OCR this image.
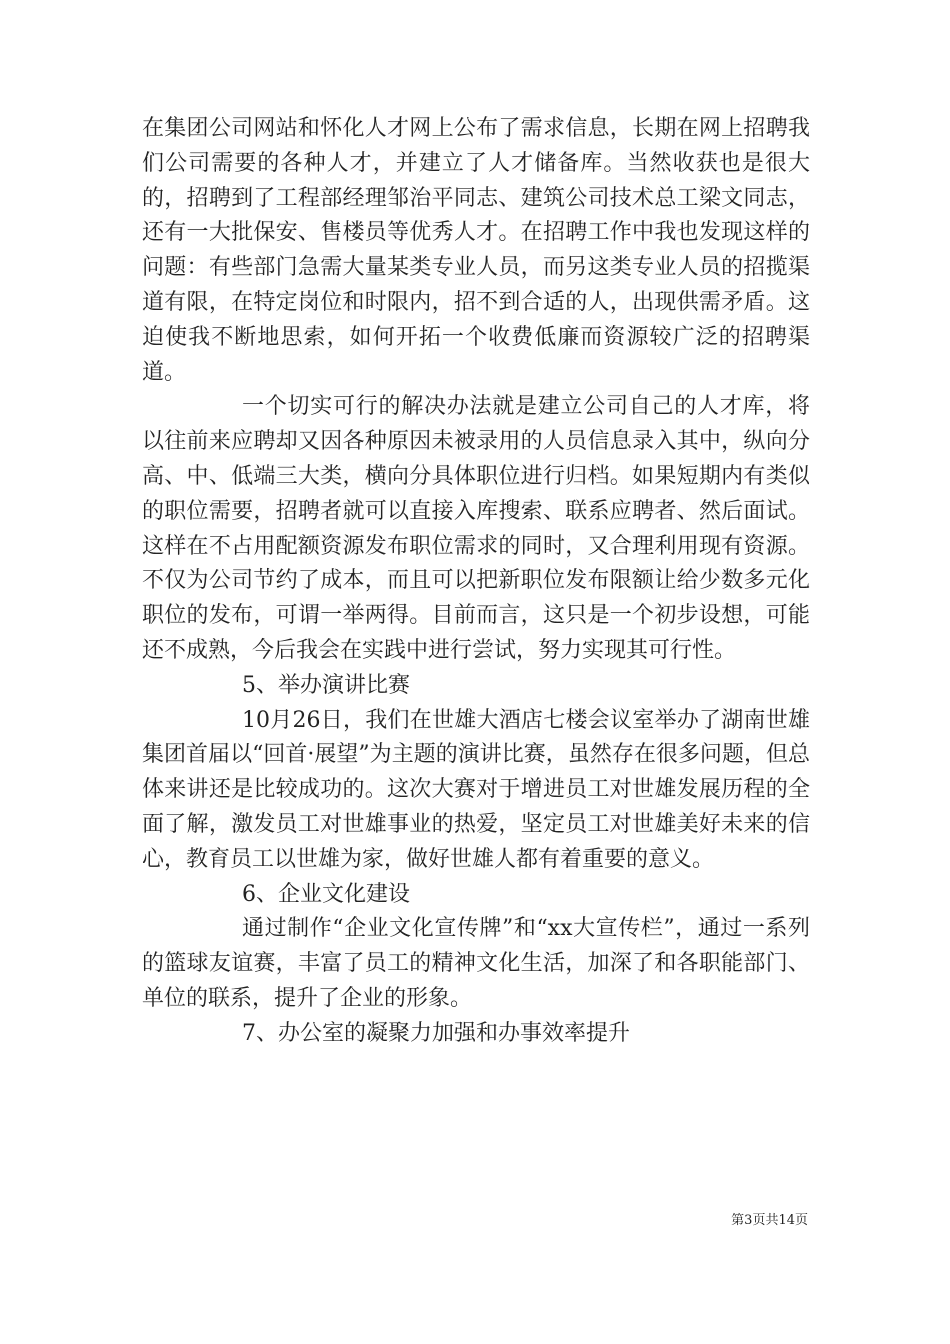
在集团公司网站和怀化人才网上公布了需求信息，长期在网上招聘我们公司需要的各种人才，并建立了人才储备库。当然收获也是很大的，招聘到了工程部经理邹治平同志、建筑公司技术总工梁文同志，还有一大批保安、售楼员等优秀人才。在招聘工作中我也发现这样的问题：有些部门急需大量某类专业人员，而另这类专业人员的招揽渠道有限，在特定岗位和时限内，招不到合适的人，出现供需矛盾。这迫使我不断地思索，如何开拓一个收费低廉而资源较广泛的招聘渠道。

一个切实可行的解决办法就是建立公司自己的人才库，将以往前来应聘却又因各种原因未被录用的人员信息录入其中，纵向分高、中、低端三大类，横向分具体职位进行归档。如果短期内有类似的职位需要，招聘者就可以直接入库搜索、联系应聘者、然后面试。这样在不占用配额资源发布职位需求的同时，又合理利用现有资源。不仅为公司节约了成本，而且可以把新职位发布限额让给少数多元化职位的发布，可谓一举两得。目前而言，这只是一个初步设想，可能还不成熟，今后我会在实践中进行尝试，努力实现其可行性。

5、举办演讲比赛

10月26日，我们在世雄大酒店七楼会议室举办了湖南世雄集团首届以“回首·展望”为主题的演讲比赛，虽然存在很多问题，但总体来讲还是比较成功的。这次大赛对于增进员工对世雄发展历程的全面了解，激发员工对世雄事业的热爱，坚定员工对世雄美好未来的信心，教育员工以世雄为家，做好世雄人都有着重要的意义。

6、企业文化建设

通过制作“企业文化宣传牌”和“xx大宣传栏”，通过一系列的篮球友谊赛，丰富了员工的精神文化生活，加深了和各职能部门、单位的联系，提升了企业的形象。

7、办公室的凝聚力加强和办事效率提升

第3页共14页
